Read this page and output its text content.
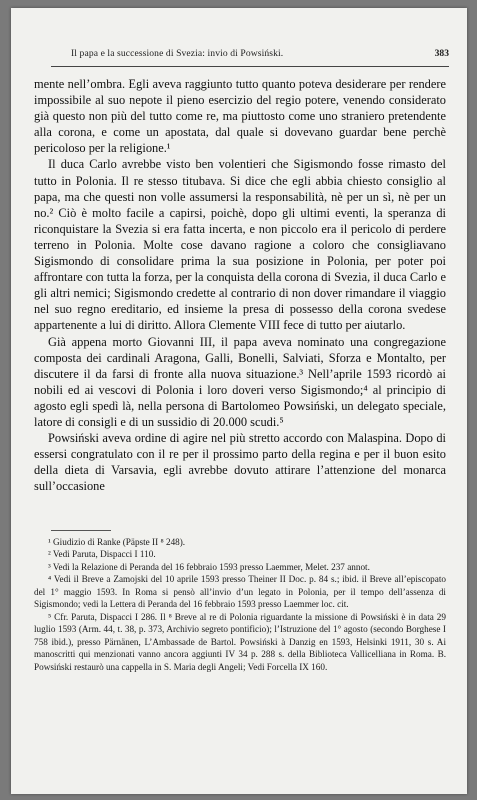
Il papa e la successione di Svezia: invio di Powsiński.	383

mente nell’ombra. Egli aveva raggiunto tutto quanto poteva desiderare per rendere impossibile al suo nepote il pieno esercizio del regio potere, venendo considerato già questo non più del tutto come re, ma piuttosto come uno straniero pretendente alla corona, e come un apostata, dal quale si dovevano guardar bene perchè pericoloso per la religione.¹

Il duca Carlo avrebbe visto ben volentieri che Sigismondo fosse rimasto del tutto in Polonia. Il re stesso titubava. Si dice che egli abbia chiesto consiglio al papa, ma che questi non volle assumersi la responsabilità, nè per un sì, nè per un no.² Ciò è molto facile a capirsi, poichè, dopo gli ultimi eventi, la speranza di riconquistare la Svezia si era fatta incerta, e non piccolo era il pericolo di perdere terreno in Polonia. Molte cose davano ragione a coloro che consigliavano Sigismondo di consolidare prima la sua posizione in Polonia, per poter poi affrontare con tutta la forza, per la conquista della corona di Svezia, il duca Carlo e gli altri nemici; Sigismondo credette al contrario di non dover rimandare il viaggio nel suo regno ereditario, ed insieme la presa di possesso della corona svedese appartenente a lui di diritto. Allora Clemente VIII fece di tutto per aiutarlo.

Già appena morto Giovanni III, il papa aveva nominato una congregazione composta dei cardinali Aragona, Galli, Bonelli, Salviati, Sforza e Montalto, per discutere il da farsi di fronte alla nuova situazione.³ Nell’aprile 1593 ricordò ai nobili ed ai vescovi di Polonia i loro doveri verso Sigismondo;⁴ al principio di agosto egli spedì là, nella persona di Bartolomeo Powsiński, un delegato speciale, latore di consigli e di un sussidio di 20.000 scudi.⁵

Powsiński aveva ordine di agire nel più stretto accordo con Malaspina. Dopo di essersi congratulato con il re per il prossimo parto della regina e per il buon esito della dieta di Varsavia, egli avrebbe dovuto attirare l’attenzione del monarca sull’occasione

¹ Giudizio di Ranke (Päpste II ⁸ 248).

² Vedi Paruta, Dispacci I 110.

³ Vedi la Relazione di Peranda del 16 febbraio 1593 presso Laemmer, Melet. 237 annot.

⁴ Vedi il Breve a Zamojski del 10 aprile 1593 presso Theiner II Doc. p. 84 s.; ibid. il Breve all’episcopato del 1° maggio 1593. In Roma si pensò all’invio d’un legato in Polonia, per il tempo dell’assenza di Sigismondo; vedi la Lettera di Peranda del 16 febbraio 1593 presso Laemmer loc. cit.

⁵ Cfr. Paruta, Dispacci I 286. Il ⁸ Breve al re di Polonia riguardante la missione di Powsiński è in data 29 luglio 1593 (Arm. 44, t. 38, p. 373, Archivio segreto pontificio); l’Istruzione del 1° agosto (secondo Borghese I 758 ibid.), presso Pärnänen, L’Ambassade de Bartol. Powsiński à Danzig en 1593, Helsinki 1911, 30 s. Ai manoscritti qui menzionati vanno ancora aggiunti IV 34 p. 288 s. della Biblioteca Vallicelliana in Roma. B. Powsiński restaurò una cappella in S. Maria degli Angeli; Vedi Forcella IX 160.
